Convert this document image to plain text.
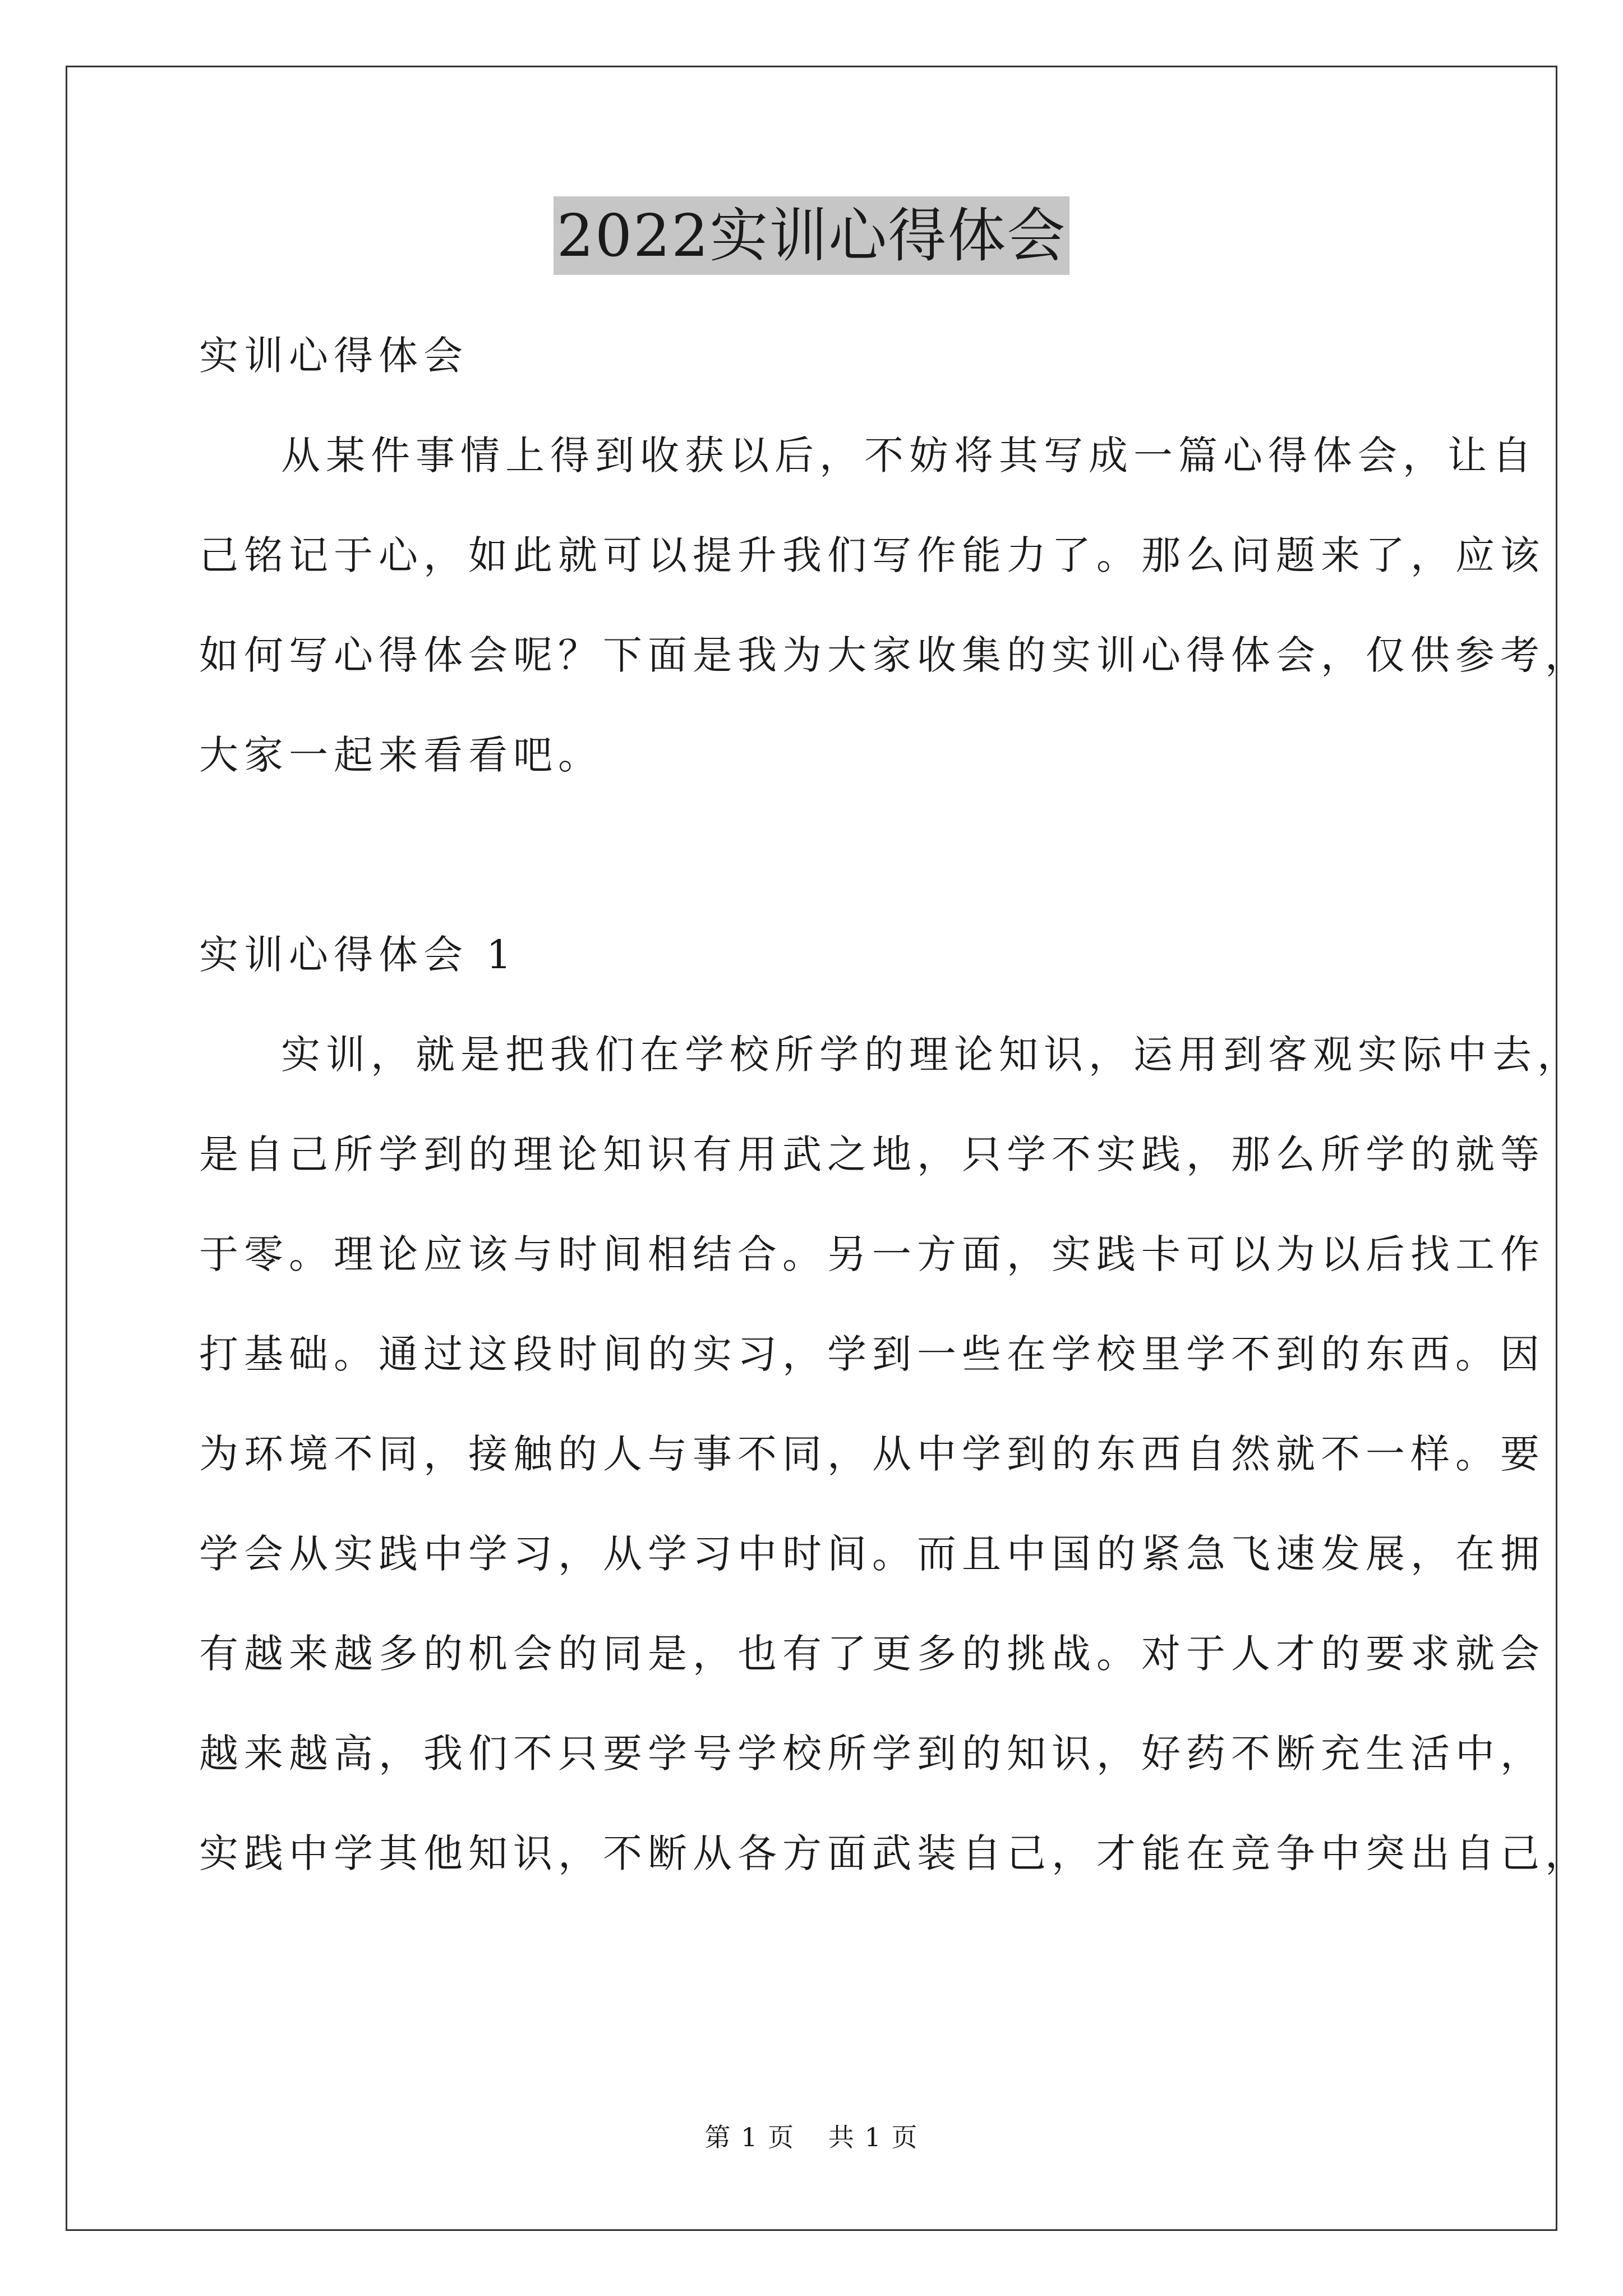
2022实训心得体会
实训心得体会
从某件事情上得到收获以后，不妨将其写成一篇心得体会，让自
己铭记于心，如此就可以提升我们写作能力了。那么问题来了，应该
如何写心得体会呢？下面是我为大家收集的实训心得体会，仅供参考，
大家一起来看看吧。
实训心得体会 1
实训，就是把我们在学校所学的理论知识，运用到客观实际中去，
是自己所学到的理论知识有用武之地，只学不实践，那么所学的就等
于零。理论应该与时间相结合。另一方面，实践卡可以为以后找工作
打基础。通过这段时间的实习，学到一些在学校里学不到的东西。因
为环境不同，接触的人与事不同，从中学到的东西自然就不一样。要
学会从实践中学习，从学习中时间。而且中国的紧急飞速发展，在拥
有越来越多的机会的同是，也有了更多的挑战。对于人才的要求就会
越来越高，我们不只要学号学校所学到的知识，好药不断充生活中，
实践中学其他知识，不断从各方面武装自己，才能在竞争中突出自己，
第 1 页 共 1 页
